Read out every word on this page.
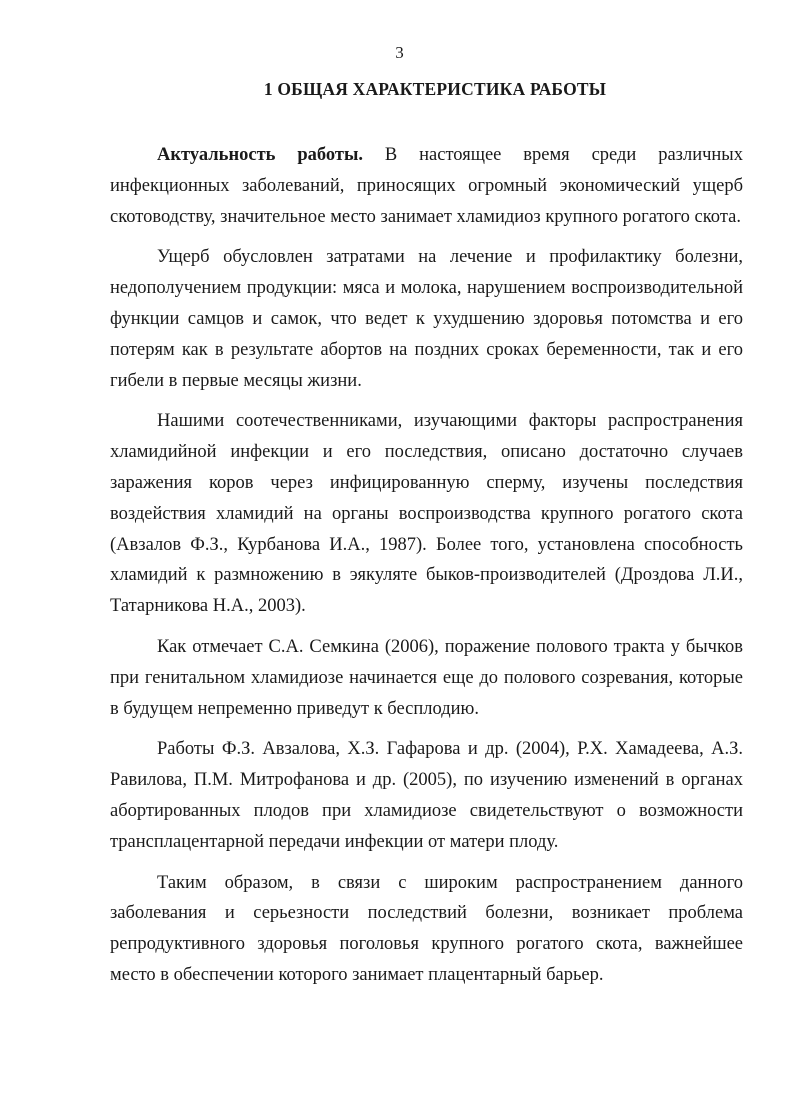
3
1 ОБЩАЯ ХАРАКТЕРИСТИКА РАБОТЫ

Актуальность работы. В настоящее время среди различных инфекционных заболеваний, приносящих огромный экономический ущерб скотоводству, значительное место занимает хламидиоз крупного рогатого скота.

Ущерб обусловлен затратами на лечение и профилактику болезни, недополучением продукции: мяса и молока, нарушением воспроизводительной функции самцов и самок, что ведет к ухудшению здоровья потомства и его потерям как в результате абортов на поздних сроках беременности, так и его гибели в первые месяцы жизни.

Нашими соотечественниками, изучающими факторы распространения хламидийной инфекции и его последствия, описано достаточно случаев заражения коров через инфицированную сперму, изучены последствия воздействия хламидий на органы воспроизводства крупного рогатого скота (Авзалов Ф.З., Курбанова И.А., 1987). Более того, установлена способность хламидий к размножению в эякуляте быков-производителей (Дроздова Л.И., Татарникова Н.А., 2003).

Как отмечает С.А. Семкина (2006), поражение полового тракта у бычков при генитальном хламидиозе начинается еще до полового созревания, которые в будущем непременно приведут к бесплодию.

Работы Ф.З. Авзалова, Х.З. Гафарова и др. (2004), Р.Х. Хамадеева, А.З. Равилова, П.М. Митрофанова и др. (2005), по изучению изменений в органах абортированных плодов при хламидиозе свидетельствуют о возможности трансплацентарной передачи инфекции от матери плоду.

Таким образом, в связи с широким распространением данного заболевания и серьезности последствий болезни, возникает проблема репродуктивного здоровья поголовья крупного рогатого скота, важнейшее место в обеспечении которого занимает плацентарный барьер.
